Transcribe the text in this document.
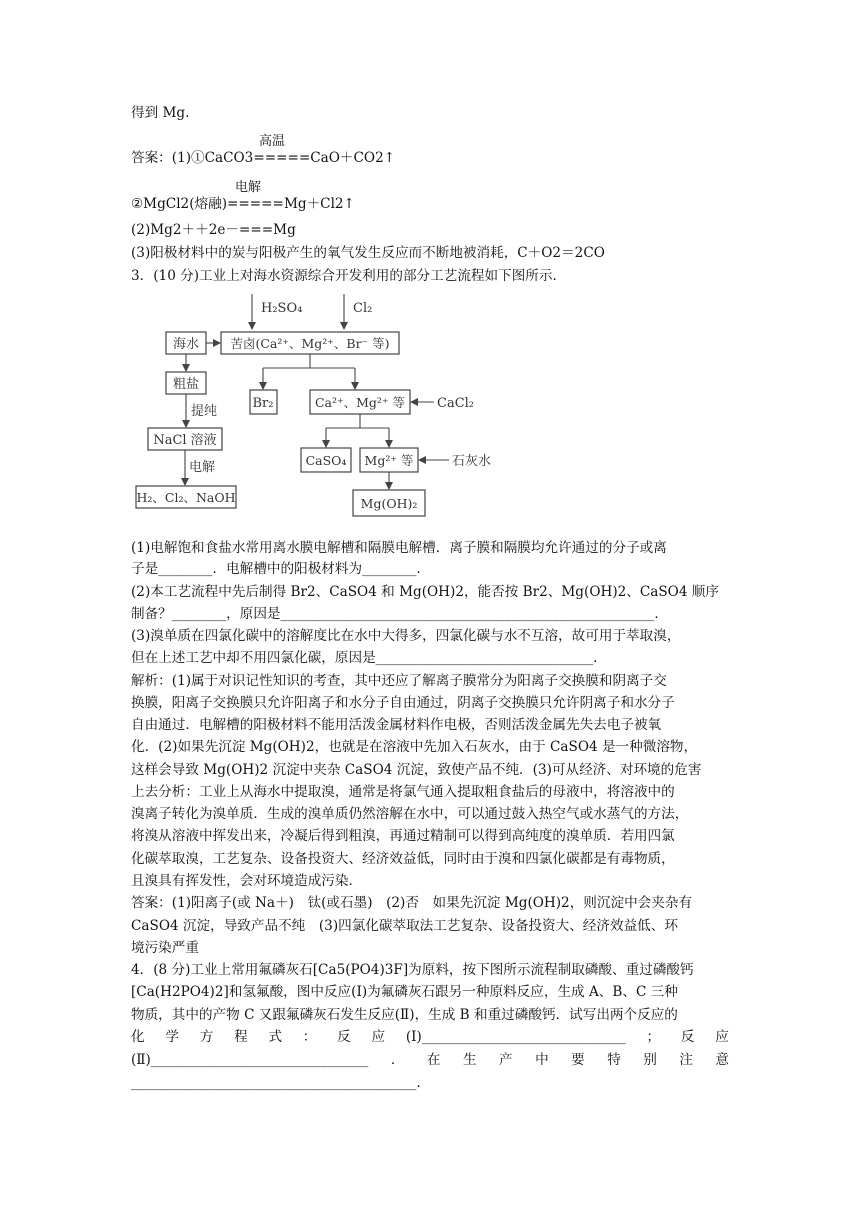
得到 Mg.
高温
答案：(1)①CaCO3=====CaO＋CO2↑
电解
②MgCl2(熔融)=====Mg＋Cl2↑
(2)Mg2＋＋2e－===Mg
(3)阳极材料中的炭与阳极产生的氧气发生反应而不断地被消耗，C＋O2＝2CO
3．(10 分)工业上对海水资源综合开发利用的部分工艺流程如下图所示．
H₂SO₄	Cl₂
海水	苦卤(Ca²⁺、Mg²⁺、Br⁻ 等)
粗盐
提纯
NaCl 溶液
电解
H₂、Cl₂、NaOH
Br₂	Ca²⁺、Mg²⁺ 等 CaCl₂
CaSO₄ Mg²⁺ 等	石灰水
Mg(OH)₂
(1)电解饱和食盐水常用离水膜电解槽和隔膜电解槽．离子膜和隔膜均允许通过的分子或离
子是________．电解槽中的阳极材料为________．
(2)本工艺流程中先后制得 Br2、CaSO4 和 Mg(OH)2，能否按 Br2、Mg(OH)2、CaSO4 顺序
制备？________，原因是_______________________________________________________．
(3)溴单质在四氯化碳中的溶解度比在水中大得多，四氯化碳与水不互溶，故可用于萃取溴，
但在上述工艺中却不用四氯化碳，原因是________________________________．
解析：(1)属于对识记性知识的考查，其中还应了解离子膜常分为阳离子交换膜和阴离子交
换膜，阳离子交换膜只允许阳离子和水分子自由通过，阴离子交换膜只允许阴离子和水分子
自由通过．电解槽的阳极材料不能用活泼金属材料作电极，否则活泼金属先失去电子被氧
化．(2)如果先沉淀 Mg(OH)2，也就是在溶液中先加入石灰水，由于 CaSO4 是一种微溶物，
这样会导致 Mg(OH)2 沉淀中夹杂 CaSO4 沉淀，致使产品不纯．(3)可从经济、对环境的危害
上去分析：工业上从海水中提取溴，通常是将氯气通入提取粗食盐后的母液中，将溶液中的
溴离子转化为溴单质．生成的溴单质仍然溶解在水中，可以通过鼓入热空气或水蒸气的方法，
将溴从溶液中挥发出来，冷凝后得到粗溴，再通过精制可以得到高纯度的溴单质．若用四氯
化碳萃取溴，工艺复杂、设备投资大、经济效益低，同时由于溴和四氯化碳都是有毒物质，
且溴具有挥发性，会对环境造成污染．
答案：(1)阳离子(或 Na＋)　钛(或石墨)　(2)否　如果先沉淀 Mg(OH)2，则沉淀中会夹杂有
CaSO4 沉淀，导致产品不纯　(3)四氯化碳萃取法工艺复杂、设备投资大、经济效益低、环
境污染严重
4．(8 分)工业上常用氟磷灰石[Ca5(PO4)3F]为原料，按下图所示流程制取磷酸、重过磷酸钙
[Ca(H2PO4)2]和氢氟酸，图中反应(Ⅰ)为氟磷灰石跟另一种原料反应，生成 A、B、C 三种
物质，其中的产物 C 又跟氟磷灰石发生反应(Ⅱ)，生成 B 和重过磷酸钙．试写出两个反应的
化 学 方 程 式 ： 反 应 (Ⅰ)______________________________ ； 反 应
(Ⅱ)________________________________ ． 在 生 产 中 要 特 别 注 意
__________________________________________．
